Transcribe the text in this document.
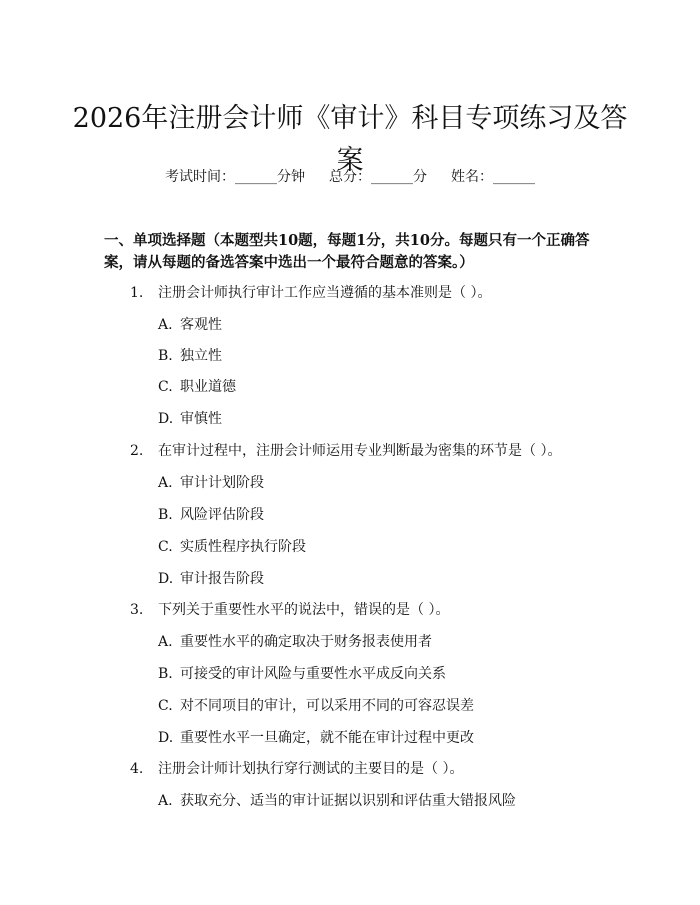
2026年注册会计师《审计》科目专项练习及答案
考试时间：______分钟 总分：______分 姓名：______
一、单项选择题（本题型共10题，每题1分，共10分。每题只有一个正确答案，请从每题的备选答案中选出一个最符合题意的答案。）
1. 注册会计师执行审计工作应当遵循的基本准则是（ ）。
A. 客观性
B. 独立性
C. 职业道德
D. 审慎性
2. 在审计过程中，注册会计师运用专业判断最为密集的环节是（ ）。
A. 审计计划阶段
B. 风险评估阶段
C. 实质性程序执行阶段
D. 审计报告阶段
3. 下列关于重要性水平的说法中，错误的是（ ）。
A. 重要性水平的确定取决于财务报表使用者
B. 可接受的审计风险与重要性水平成反向关系
C. 对不同项目的审计，可以采用不同的可容忍误差
D. 重要性水平一旦确定，就不能在审计过程中更改
4. 注册会计师计划执行穿行测试的主要目的是（ ）。
A. 获取充分、适当的审计证据以识别和评估重大错报风险
